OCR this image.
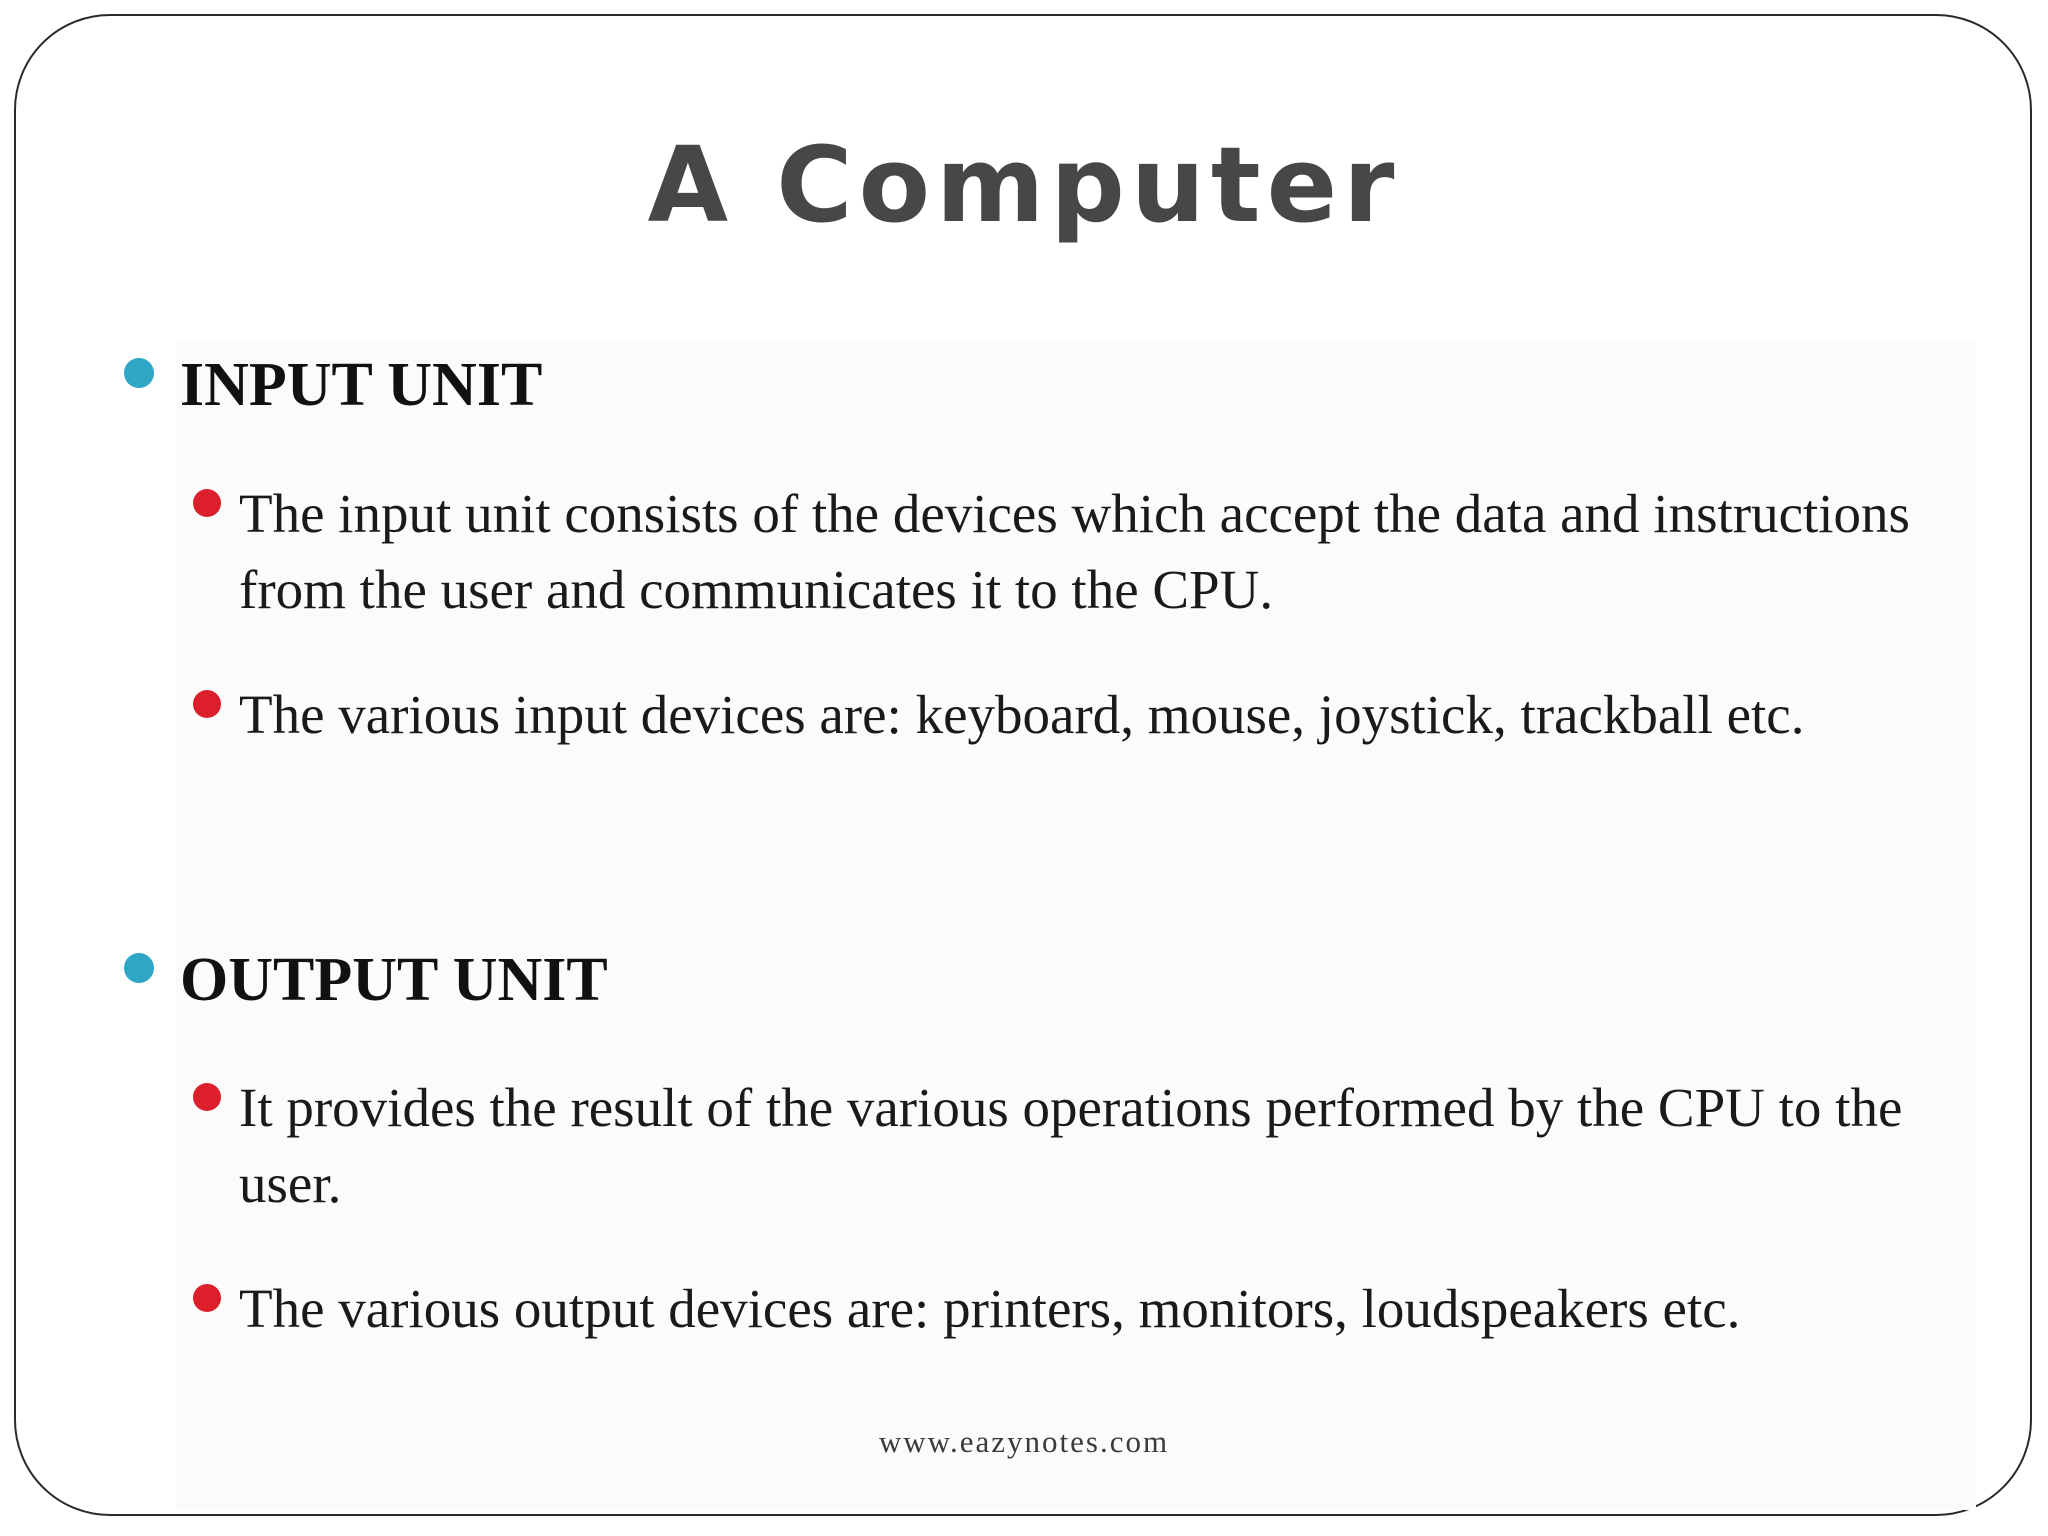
A Computer
INPUT UNIT

The input unit consists of the devices which accept the data and instructions from the user and communicates it to the CPU.

The various input devices are: keyboard, mouse, joystick, trackball etc.

OUTPUT UNIT

It provides the result of the various operations performed by the CPU to the user.

The various output devices are: printers, monitors, loudspeakers etc.

www.eazynotes.com
